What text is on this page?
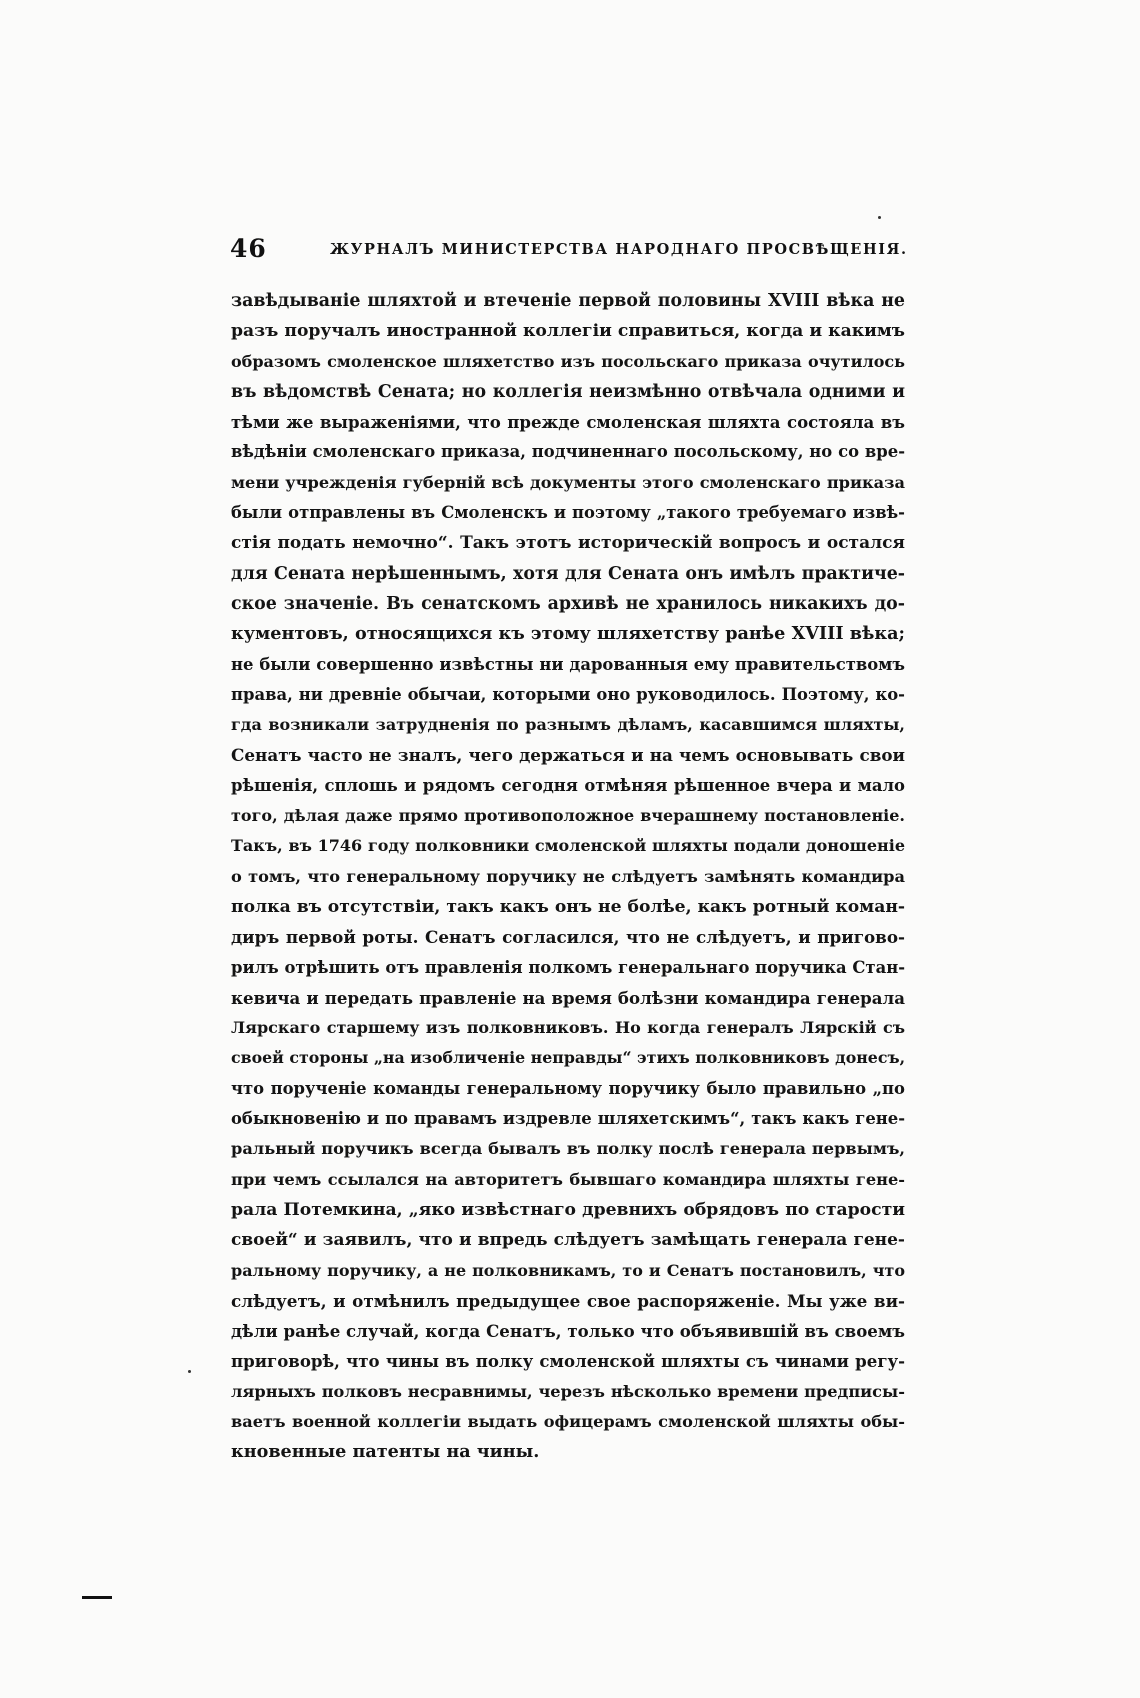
46	ЖУРНАЛЪ МИНИСТЕРСТВА НАРОДНАГО ПРОСВѢЩЕНІЯ.
завѣдываніе шляхтой и втеченіе первой половины XVIII вѣка не
разъ поручалъ иностранной коллегіи справиться, когда и какимъ
образомъ смоленское шляхетство изъ посольскаго приказа очутилось
въ вѣдомствѣ Сената; но коллегія неизмѣнно отвѣчала одними и
тѣми же выраженіями, что прежде смоленская шляхта состояла въ
вѣдѣніи смоленскаго приказа, подчиненнаго посольскому, но со вре-
мени учрежденія губерній всѣ документы этого смоленскаго приказа
были отправлены въ Смоленскъ и поэтому „такого требуемаго извѣ-
стія подать немочно“. Такъ этотъ историческій вопросъ и остался
для Сената нерѣшеннымъ, хотя для Сената онъ имѣлъ практиче-
ское значеніе. Въ сенатскомъ архивѣ не хранилось никакихъ до-
кументовъ, относящихся къ этому шляхетству ранѣе XVIII вѣка;
не были совершенно извѣстны ни дарованныя ему правительствомъ
права, ни древніе обычаи, которыми оно руководилось. Поэтому, ко-
гда возникали затрудненія по разнымъ дѣламъ, касавшимся шляхты,
Сенатъ часто не зналъ, чего держаться и на чемъ основывать свои
рѣшенія, сплошь и рядомъ сегодня отмѣняя рѣшенное вчера и мало
того, дѣлая даже прямо противоположное вчерашнему постановленіе.
Такъ, въ 1746 году полковники смоленской шляхты подали доношеніе
о томъ, что генеральному поручику не слѣдуетъ замѣнять командира
полка въ отсутствіи, такъ какъ онъ не болѣе, какъ ротный коман-
диръ первой роты. Сенатъ согласился, что не слѣдуетъ, и пригово-
рилъ отрѣшить отъ правленія полкомъ генеральнаго поручика Стан-
кевича и передать правленіе на время болѣзни командира генерала
Лярскаго старшему изъ полковниковъ. Но когда генералъ Лярскій съ
своей стороны „на изобличеніе неправды“ этихъ полковниковъ донесъ,
что порученіе команды генеральному поручику было правильно „по
обыкновенію и по правамъ издревле шляхетскимъ“, такъ какъ гене-
ральный поручикъ всегда бывалъ въ полку послѣ генерала первымъ,
при чемъ ссылался на авторитетъ бывшаго командира шляхты гене-
рала Потемкина, „яко извѣстнаго древнихъ обрядовъ по старости
своей“ и заявилъ, что и впредь слѣдуетъ замѣщать генерала гене-
ральному поручику, а не полковникамъ, то и Сенатъ постановилъ, что
слѣдуетъ, и отмѣнилъ предыдущее свое распоряженіе. Мы уже ви-
дѣли ранѣе случай, когда Сенатъ, только что объявившій въ своемъ
приговорѣ, что чины въ полку смоленской шляхты съ чинами регу-
лярныхъ полковъ несравнимы, черезъ нѣсколько времени предписы-
ваетъ военной коллегіи выдать офицерамъ смоленской шляхты обы-
кновенные патенты на чины.
